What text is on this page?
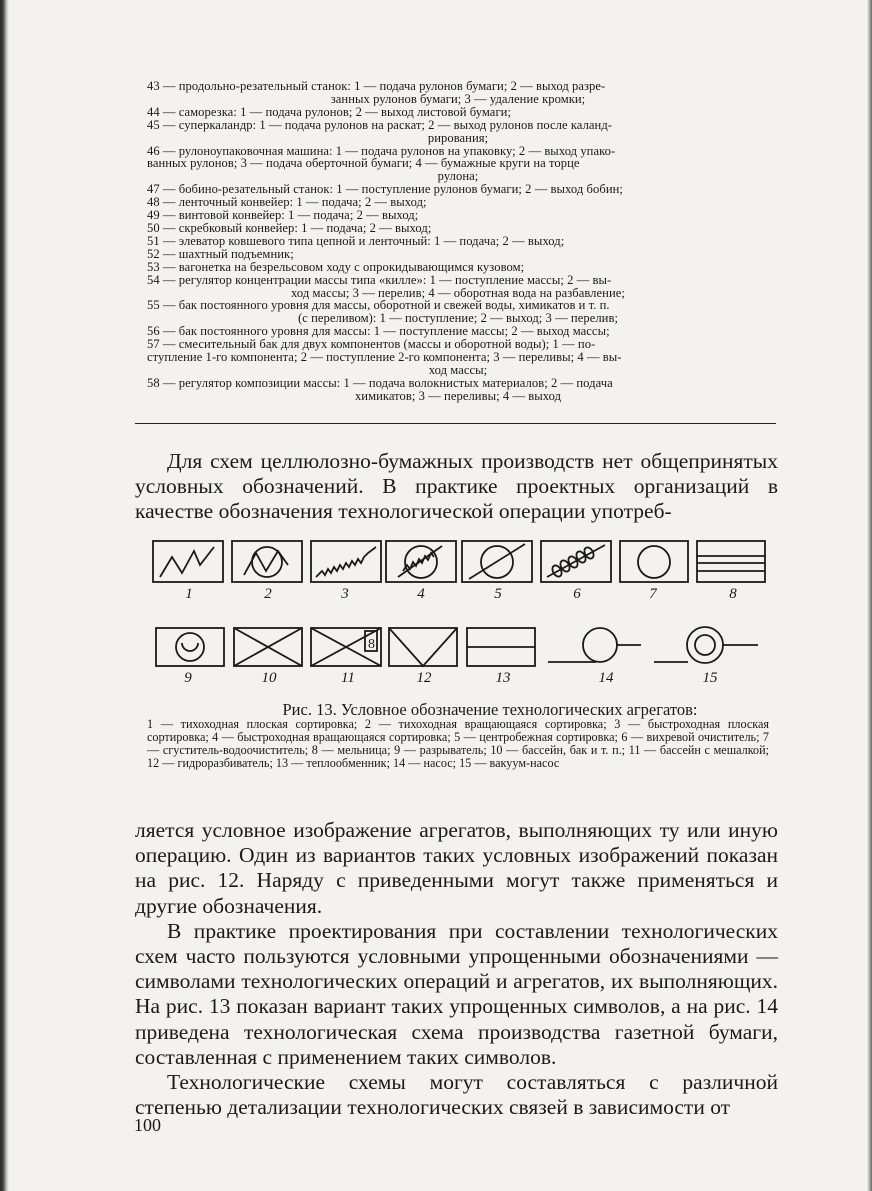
43 — продольно-резательный станок: 1 — подача рулонов бумаги; 2 — выход разре-

занных рулонов бумаги; 3 — удаление кромки;

44 — саморезка: 1 — подача рулонов; 2 — выход листовой бумаги;

45 — суперкаландр: 1 — подача рулонов на раскат; 2 — выход рулонов после каланд-

рирования;

46 — рулоноупаковочная машина: 1 — подача рулонов на упаковку; 2 — выход упако-

ванных рулонов; 3 — подача оберточной бумаги; 4 — бумажные круги на торце

рулона;

47 — бобино-резательный станок: 1 — поступление рулонов бумаги; 2 — выход бобин;

48 — ленточный конвейер: 1 — подача; 2 — выход;

49 — винтовой конвейер: 1 — подача; 2 — выход;

50 — скребковый конвейер: 1 — подача; 2 — выход;

51 — элеватор ковшевого типа цепной и ленточный: 1 — подача; 2 — выход;

52 — шахтный подъемник;

53 — вагонетка на безрельсовом ходу с опрокидывающимся кузовом;

54 — регулятор концентрации массы типа «килле»: 1 — поступление массы; 2 — вы-

ход массы; 3 — перелив; 4 — оборотная вода на разбавление;

55 — бак постоянного уровня для массы, оборотной и свежей воды, химикатов и т. п.

(с переливом): 1 — поступление; 2 — выход; 3 — перелив;

56 — бак постоянного уровня для массы: 1 — поступление массы; 2 — выход массы;

57 — смесительный бак для двух компонентов (массы и оборотной воды); 1 — по-

ступление 1-го компонента; 2 — поступление 2-го компонента; 3 — переливы; 4 — вы-

ход массы;

58 — регулятор композиции массы: 1 — подача волокнистых материалов; 2 — подача

химикатов; 3 — переливы; 4 — выход

Для схем целлюлозно-бумажных производств нет общепринятых условных обозначений. В практике проектных организаций в качестве обозначения технологической операции употреб-

8
1	2	3	4	5	6	7	8
9	10	11	12	13	14	15
Рис. 13. Условное обозначение технологических агрегатов:

1 — тихоходная плоская сортировка; 2 — тихоходная вращающаяся сортировка; 3 — быстроходная плоская сортировка; 4 — быстроходная вращающаяся сортировка; 5 — центробежная сортировка; 6 — вихревой очиститель; 7 — сгуститель-водоочиститель; 8 — мельница; 9 — разрыватель; 10 — бассейн, бак и т. п.; 11 — бассейн с мешалкой; 12 — гидроразбиватель; 13 — теплообменник; 14 — насос; 15 — вакуум-насос

ляется условное изображение агрегатов, выполняющих ту или иную операцию. Один из вариантов таких условных изображений показан на рис. 12. Наряду с приведенными могут также применяться и другие обозначения.

В практике проектирования при составлении технологических схем часто пользуются условными упрощенными обозначениями — символами технологических операций и агрегатов, их выполняющих. На рис. 13 показан вариант таких упрощенных символов, а на рис. 14 приведена технологическая схема производства газетной бумаги, составленная с применением таких символов.

Технологические схемы могут составляться с различной степенью детализации технологических связей в зависимости от

100
